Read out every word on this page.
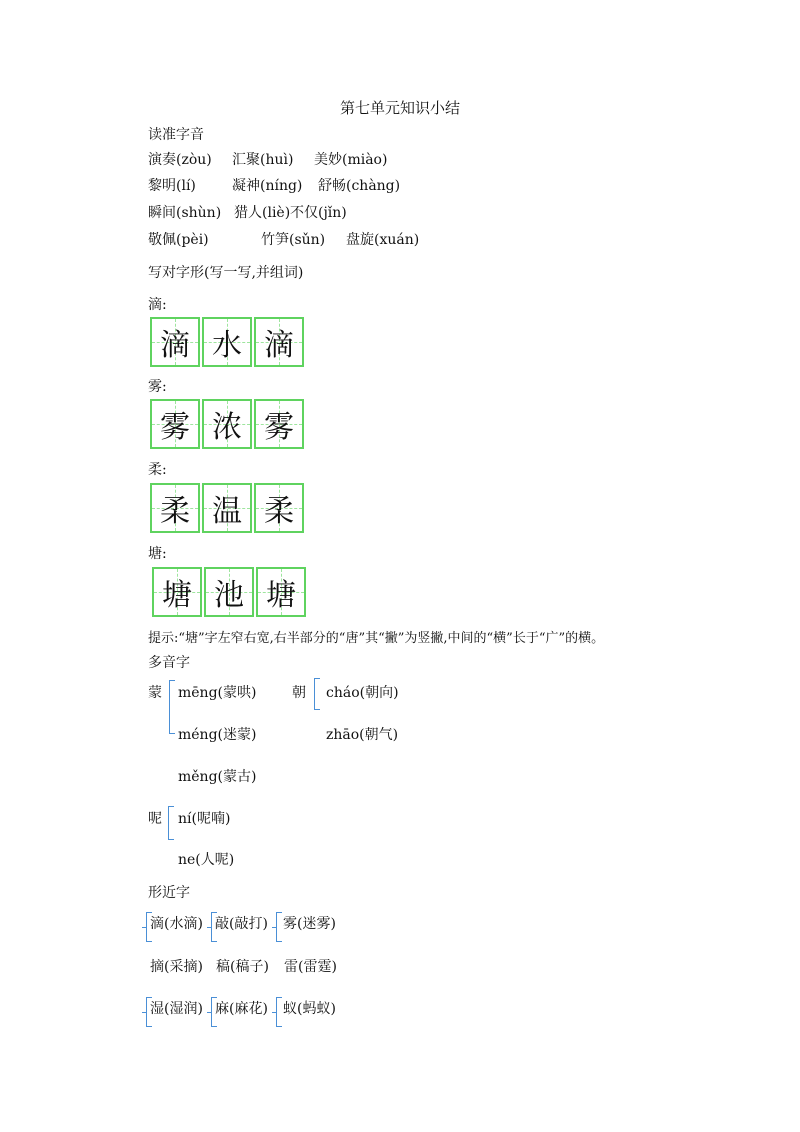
第七单元知识小结
读准字音
演奏(zòu) 汇聚(huì) 美妙(miào)
黎明(lí)	凝神(níng) 舒畅(chàng)
瞬间(shùn) 猎人(liè) 不仅(jǐn)
敬佩(pèi)	竹笋(sǔn) 盘旋(xuán)
写对字形(写一写,并组词)
滴:
滴 水 滴
雾:
雾 浓 雾
柔:
柔 温 柔
塘:
塘 池 塘
提示:“塘”字左窄右宽,右半部分的“唐”其“撇”为竖撇,中间的“横”长于“广”的横。
多音字
蒙 mēng(蒙哄)
méng(迷蒙)
měng(蒙古)
朝 cháo(朝向)
zhāo(朝气)
呢 ní(呢喃)
ne(人呢)
形近字
滴(水滴) 敲(敲打) 雾(迷雾)
摘(采摘) 稿(稿子) 雷(雷霆)
湿(湿润) 麻(麻花) 蚁(蚂蚁)
